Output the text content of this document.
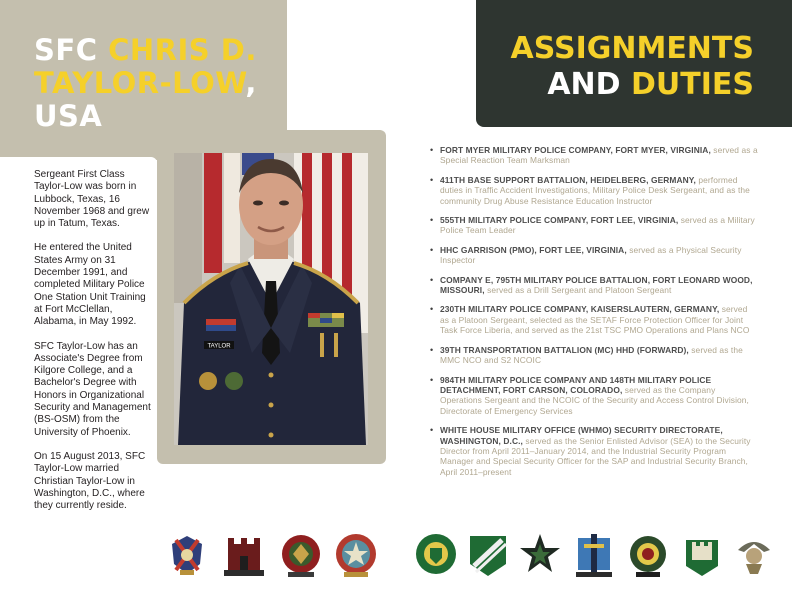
SFC CHRIS D.
TAYLOR-LOW, USA
TAYLOR
ASSIGNMENTS
AND DUTIES

Sergeant First Class Taylor-Low was born in Lubbock, Texas, 16 November 1968 and grew up in Tatum, Texas.

He entered the United States Army on 31 December 1991, and completed Military Police One Station Unit Training at Fort McClellan, Alabama, in May 1992.

SFC Taylor-Low has an Associate's Degree from Kilgore College, and a Bachelor's Degree with Honors in Organizational Security and Management (BS-OSM) from the University of Phoenix.

On 15 August 2013, SFC Taylor-Low married Christian Taylor-Low in Washington, D.C., where they currently reside.

• FORT MYER MILITARY POLICE COMPANY, FORT MYER, VIRGINIA, served as a Special Reaction Team Marksman
• 411TH BASE SUPPORT BATTALION, HEIDELBERG, GERMANY, performed duties in Traffic Accident Investigations, Military Police Desk Sergeant, and as the community Drug Abuse Resistance Education Instructor
• 555TH MILITARY POLICE COMPANY, FORT LEE, VIRGINIA, served as a Military Police Team Leader
• HHC GARRISON (PMO), FORT LEE, VIRGINIA, served as a Physical Security Inspector
• COMPANY E, 795TH MILITARY POLICE BATTALION, FORT LEONARD WOOD, MISSOURI, served as a Drill Sergeant and Platoon Sergeant
• 230TH MILITARY POLICE COMPANY, KAISERSLAUTERN, GERMANY, served as a Platoon Sergeant, selected as the SETAF Force Protection Officer for Joint Task Force Liberia, and served as the 21st TSC PMO Operations and Plans NCO
• 39TH TRANSPORTATION BATTALION (MC) HHD (FORWARD), served as the MMC NCO and S2 NCOIC
• 984TH MILITARY POLICE COMPANY AND 148TH MILITARY POLICE DETACHMENT, FORT CARSON, COLORADO, served as the Company Operations Sergeant and the NCOIC of the Security and Access Control Division, Directorate of Emergency Services
• WHITE HOUSE MILITARY OFFICE (WHMO) SECURITY DIRECTORATE, WASHINGTON, D.C., served as the Senior Enlisted Advisor (SEA) to the Security Director from April 2011–January 2014, and the Industrial Security Program Manager and Special Security Officer for the SAP and Industrial Security Branch, April 2011–present
